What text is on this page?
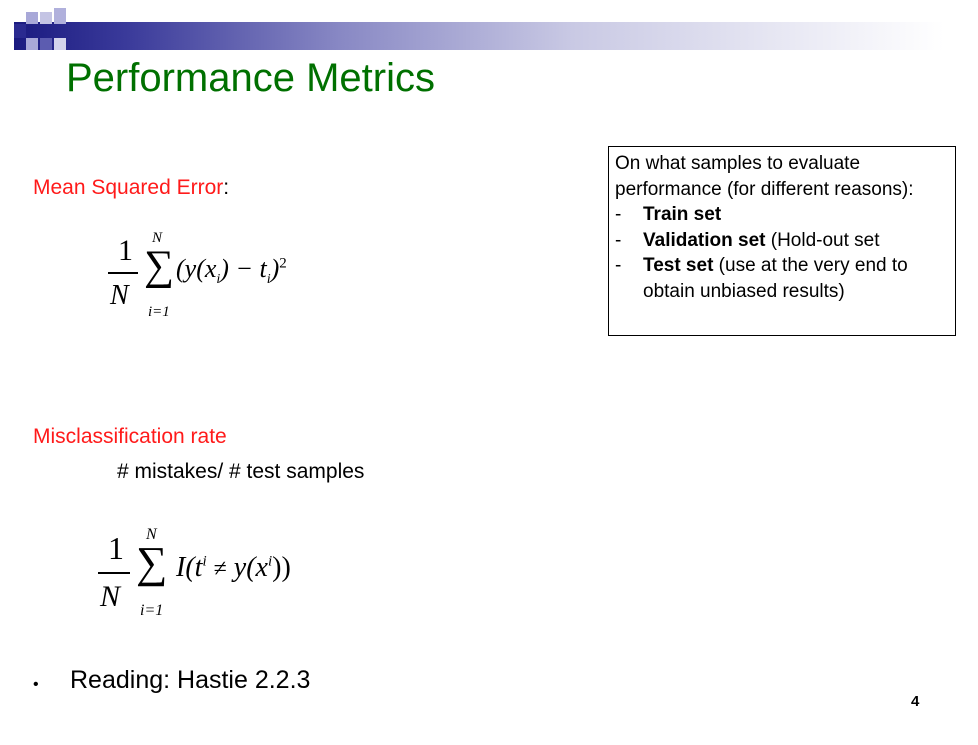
Performance Metrics
Mean Squared Error:
1
N
N
∑
i=1
$(y(x_i) - t_i)^2$
On what samples to evaluate
performance (for different reasons):
- Train set
- Validation set (Hold-out set
- Test set (use at the very end to
obtain unbiased results)
Misclassification rate
# mistakes/ # test samples
1
N
N
∑
i=1
$I(t^i \ne y(x^i))$
• Reading: Hastie 2.2.3
4
